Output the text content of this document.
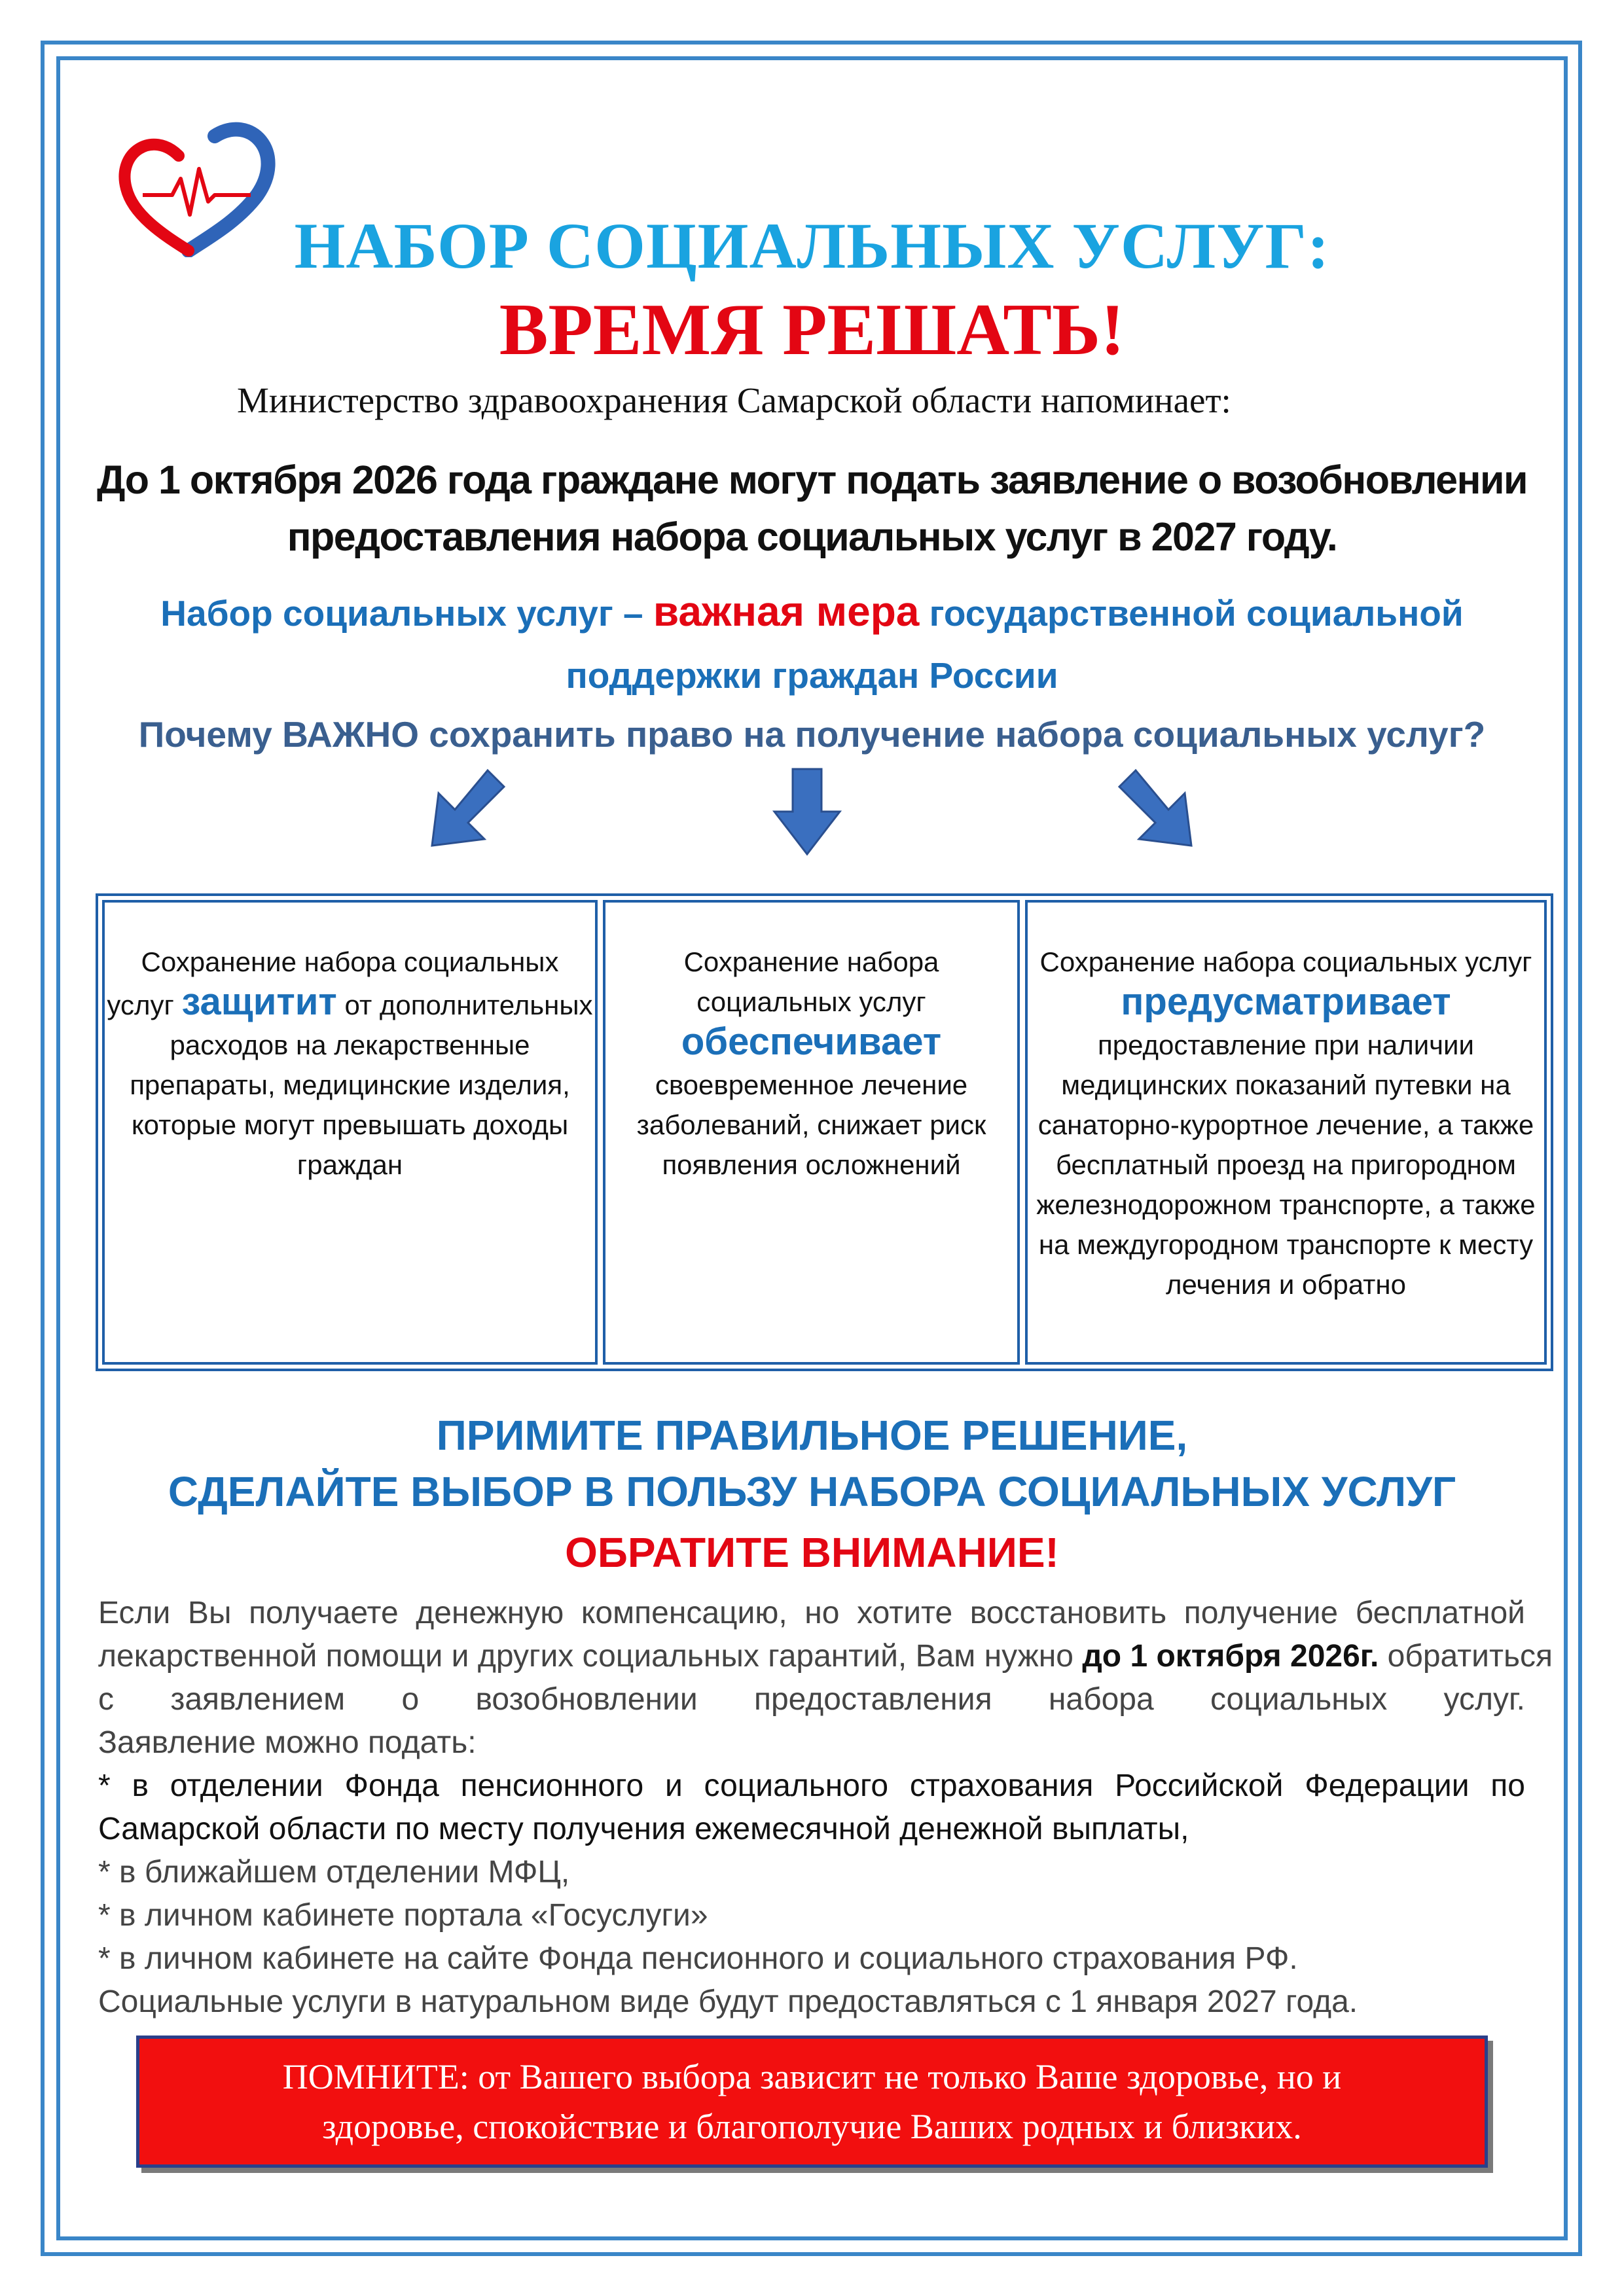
НАБОР СОЦИАЛЬНЫХ УСЛУГ:
ВРЕМЯ РЕШАТЬ!
Министерство здравоохранения Самарской области напоминает:
До 1 октября 2026 года граждане могут подать заявление о возобновлении
предоставления набора социальных услуг в 2027 году.
Набор социальных услуг – важная мера государственной социальной
поддержки граждан России
Почему ВАЖНО сохранить право на получение набора социальных услуг?
Сохранение набора социальных услуг защитит от дополнительных расходов на лекарственные препараты, медицинские изделия, которые могут превышать доходы граждан
Сохранение набора социальных услуг
обеспечивает
своевременное лечение заболеваний, снижает риск появления осложнений
Сохранение набора социальных услуг предусматривает предоставление при наличии медицинских показаний путевки на санаторно-курортное лечение, а также бесплатный проезд на пригородном железнодорожном транспорте, а также на междугородном транспорте к месту лечения и обратно
ПРИМИТЕ ПРАВИЛЬНОЕ РЕШЕНИЕ,
СДЕЛАЙТЕ ВЫБОР В ПОЛЬЗУ НАБОРА СОЦИАЛЬНЫХ УСЛУГ
ОБРАТИТЕ ВНИМАНИЕ!
Если Вы получаете денежную компенсацию, но хотите восстановить получение бесплатной
лекарственной помощи и других социальных гарантий, Вам нужно до 1 октября 2026г. обратиться
с заявлением о возобновлении предоставления набора социальных услуг.
Заявление можно подать:
* в отделении Фонда пенсионного и социального страхования Российской Федерации по
Самарской области по месту получения ежемесячной денежной выплаты,
* в ближайшем отделении МФЦ,
* в личном кабинете портала «Госуслуги»
* в личном кабинете на сайте Фонда пенсионного и социального страхования РФ.
Социальные услуги в натуральном виде будут предоставляться с 1 января 2027 года.
ПОМНИТЕ: от Вашего выбора зависит не только Ваше здоровье, но и
здоровье, спокойствие и благополучие Ваших родных и близких.
